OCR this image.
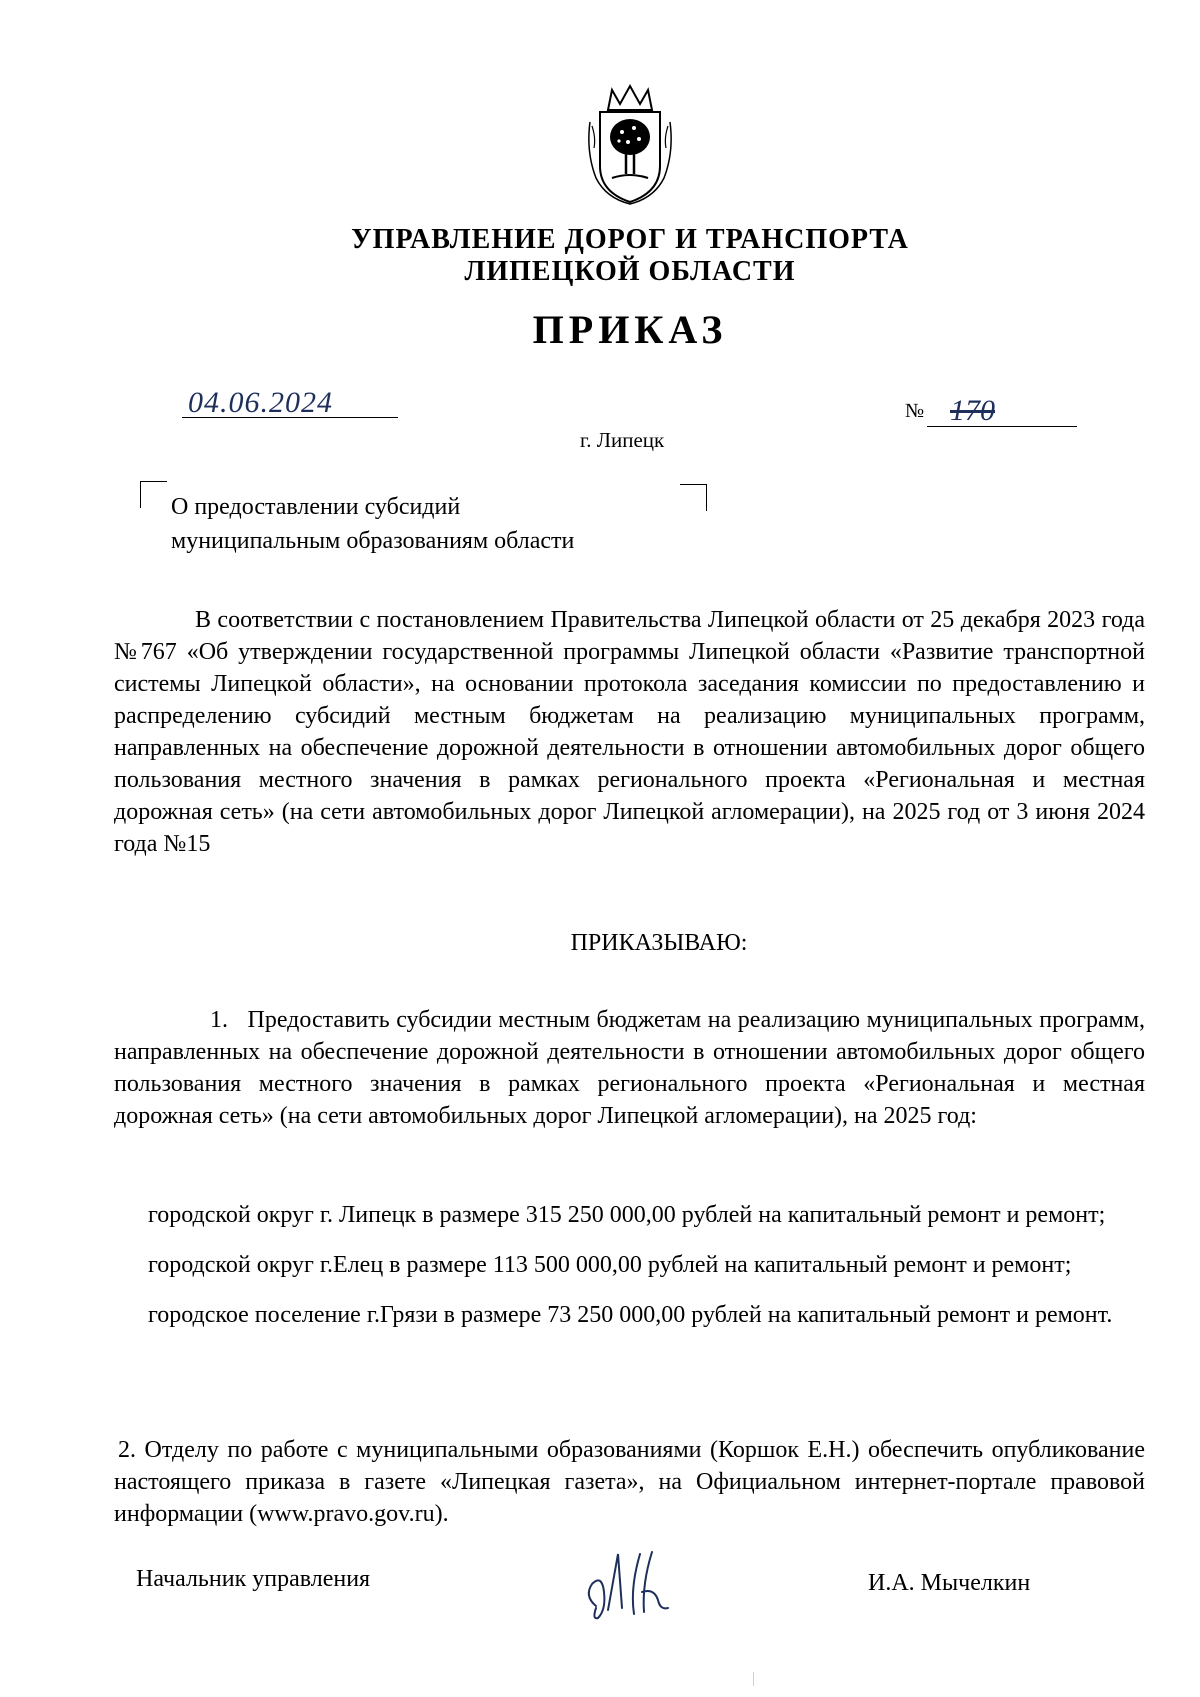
УПРАВЛЕНИЕ ДОРОГ И ТРАНСПОРТА
ЛИПЕЦКОЙ ОБЛАСТИ
ПРИКАЗ
04.06.2024	№ 170
г. Липецк
О предоставлении субсидий
муниципальным образованиям области

В соответствии с постановлением Правительства Липецкой области от 25 декабря 2023 года №767 «Об утверждении государственной программы Липецкой области «Развитие транспортной системы Липецкой области», на основании протокола заседания комиссии по предоставлению и распределению субсидий местным бюджетам на реализацию муниципальных программ, направленных на обеспечение дорожной деятельности в отношении автомобильных дорог общего пользования местного значения в рамках регионального проекта «Региональная и местная дорожная сеть» (на сети автомобильных дорог Липецкой агломерации), на 2025 год от 3 июня 2024 года №15

ПРИКАЗЫВАЮ:

1.   Предоставить субсидии местным бюджетам на реализацию муниципальных программ, направленных на обеспечение дорожной деятельности в отношении автомобильных дорог общего пользования местного значения в рамках регионального проекта «Региональная и местная дорожная сеть» (на сети автомобильных дорог Липецкой агломерации), на 2025 год:

городской округ г. Липецк в размере 315 250 000,00 рублей на капитальный ремонт и ремонт;

городской округ г.Елец в размере 113 500 000,00 рублей на капитальный ремонт и ремонт;

городское поселение г.Грязи в размере 73 250 000,00 рублей на капитальный ремонт и ремонт.

2. Отделу по работе с муниципальными образованиями (Коршок Е.Н.) обеспечить опубликование настоящего приказа в газете «Липецкая газета», на Официальном интернет-портале правовой информации (www.pravo.gov.ru).

Начальник управления	И.А. Мычелкин
